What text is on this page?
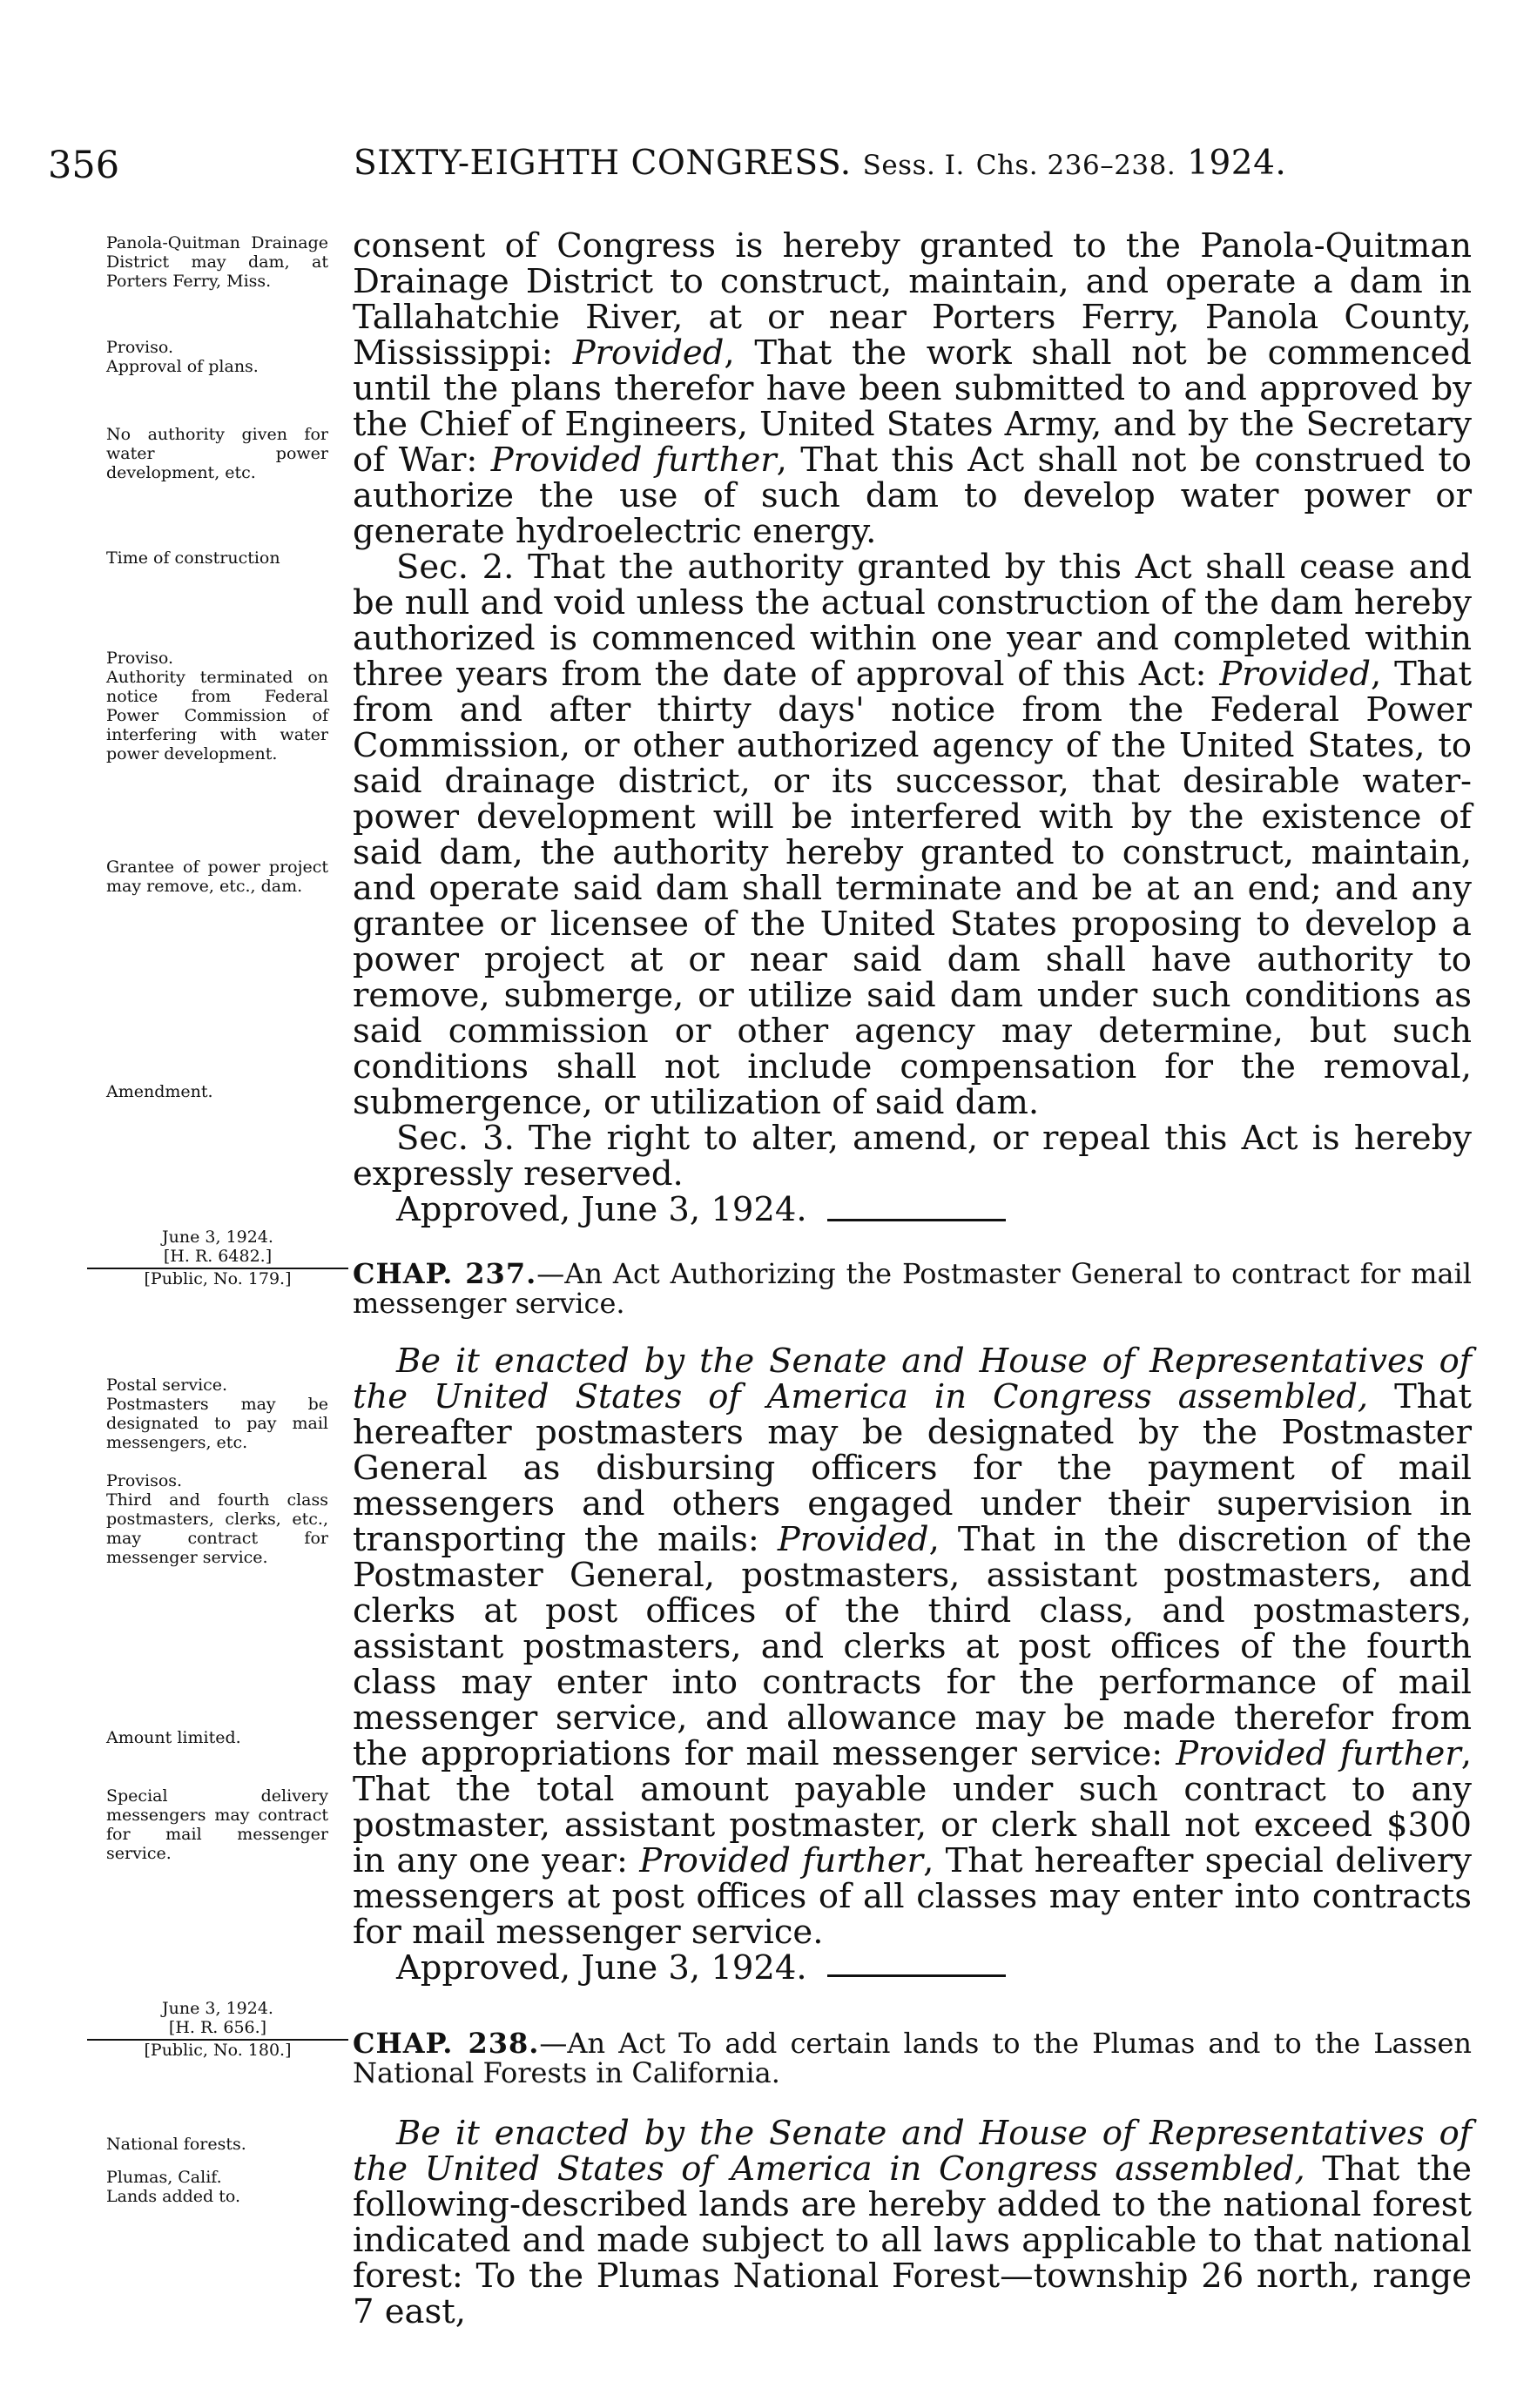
356	SIXTY-EIGHTH CONGRESS. Sess. I. Chs. 236–238. 1924.
Panola-Quitman Drainage District may dam, at Porters Ferry, Miss.
Proviso.
Approval of plans.
No authority given for water power development, etc.
Time of construction
Proviso.
Authority terminated on notice from Federal Power Commission of interfering with water power development.
Grantee of power project may remove, etc., dam.
Amendment.

consent of Congress is hereby granted to the Panola-Quitman Drainage District to construct, maintain, and operate a dam in Tallahatchie River, at or near Porters Ferry, Panola County, Mississippi: Provided, That the work shall not be commenced until the plans therefor have been submitted to and approved by the Chief of Engineers, United States Army, and by the Secretary of War: Provided further, That this Act shall not be construed to authorize the use of such dam to develop water power or generate hydroelectric energy.

Sec. 2. That the authority granted by this Act shall cease and be null and void unless the actual construction of the dam hereby authorized is commenced within one year and completed within three years from the date of approval of this Act: Provided, That from and after thirty days' notice from the Federal Power Commission, or other authorized agency of the United States, to said drainage district, or its successor, that desirable water-power development will be interfered with by the existence of said dam, the authority hereby granted to construct, maintain, and operate said dam shall terminate and be at an end; and any grantee or licensee of the United States proposing to develop a power project at or near said dam shall have authority to remove, submerge, or utilize said dam under such conditions as said commission or other agency may determine, but such conditions shall not include compensation for the removal, submergence, or utilization of said dam.

Sec. 3. The right to alter, amend, or repeal this Act is hereby expressly reserved.

Approved, June 3, 1924.

June 3, 1924.
[H. R. 6482.]
[Public, No. 179.]	CHAP. 237.—An Act Authorizing the Postmaster General to contract for mail messenger service.
Postal service.
Postmasters may be designated to pay mail messengers, etc.
Provisos.
Third and fourth class postmasters, clerks, etc., may contract for messenger service.
Amount limited.
Special delivery messengers may contract for mail messenger service.

Be it enacted by the Senate and House of Representatives of the United States of America in Congress assembled, That hereafter postmasters may be designated by the Postmaster General as disbursing officers for the payment of mail messengers and others engaged under their supervision in transporting the mails: Provided, That in the discretion of the Postmaster General, postmasters, assistant postmasters, and clerks at post offices of the third class, and postmasters, assistant postmasters, and clerks at post offices of the fourth class may enter into contracts for the performance of mail messenger service, and allowance may be made therefor from the appropriations for mail messenger service: Provided further, That the total amount payable under such contract to any postmaster, assistant postmaster, or clerk shall not exceed $300 in any one year: Provided further, That hereafter special delivery messengers at post offices of all classes may enter into contracts for mail messenger service.

Approved, June 3, 1924.

June 3, 1924.
[H. R. 656.]
[Public, No. 180.]	CHAP. 238.—An Act To add certain lands to the Plumas and to the Lassen National Forests in California.
National forests.
Plumas, Calif.
Lands added to.

Be it enacted by the Senate and House of Representatives of the United States of America in Congress assembled, That the following-described lands are hereby added to the national forest indicated and made subject to all laws applicable to that national forest: To the Plumas National Forest—township 26 north, range 7 east,
